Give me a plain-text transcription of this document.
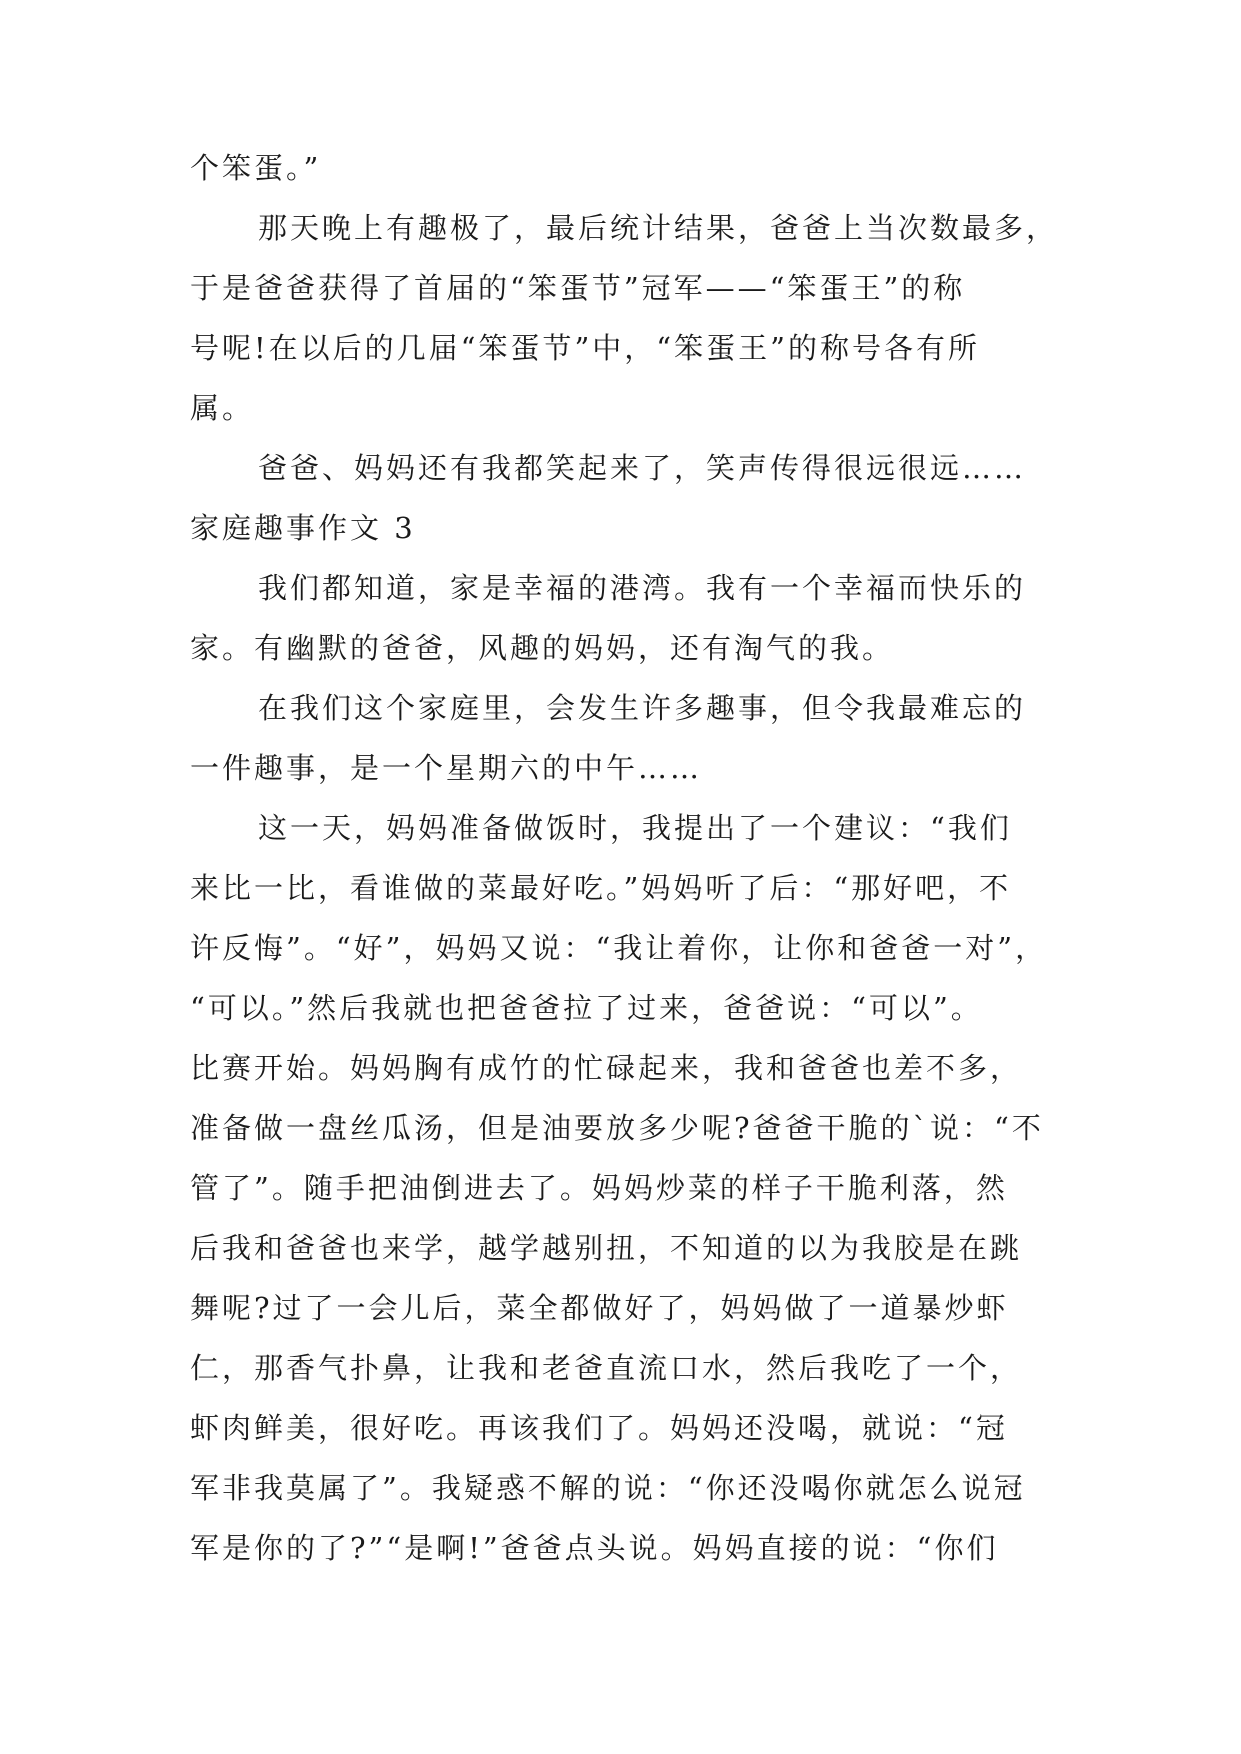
个笨蛋。”
那天晚上有趣极了，最后统计结果，爸爸上当次数最多，
于是爸爸获得了首届的“笨蛋节”冠军——“笨蛋王”的称
号呢!在以后的几届“笨蛋节”中，“笨蛋王”的称号各有所
属。
爸爸、妈妈还有我都笑起来了，笑声传得很远很远……
家庭趣事作文 3
我们都知道，家是幸福的港湾。我有一个幸福而快乐的
家。有幽默的爸爸，风趣的妈妈，还有淘气的我。
在我们这个家庭里，会发生许多趣事，但令我最难忘的
一件趣事，是一个星期六的中午……
这一天，妈妈准备做饭时，我提出了一个建议：“我们
来比一比，看谁做的菜最好吃。”妈妈听了后：“那好吧，不
许反悔”。“好”，妈妈又说：“我让着你，让你和爸爸一对”，
“可以。”然后我就也把爸爸拉了过来，爸爸说：“可以”。
比赛开始。妈妈胸有成竹的忙碌起来，我和爸爸也差不多，
准备做一盘丝瓜汤，但是油要放多少呢?爸爸干脆的`说：“不
管了”。随手把油倒进去了。妈妈炒菜的样子干脆利落，然
后我和爸爸也来学，越学越别扭，不知道的以为我胶是在跳
舞呢?过了一会儿后，菜全都做好了，妈妈做了一道暴炒虾
仁，那香气扑鼻，让我和老爸直流口水，然后我吃了一个，
虾肉鲜美，很好吃。再该我们了。妈妈还没喝，就说：“冠
军非我莫属了”。我疑惑不解的说：“你还没喝你就怎么说冠
军是你的了?”“是啊!”爸爸点头说。妈妈直接的说：“你们
